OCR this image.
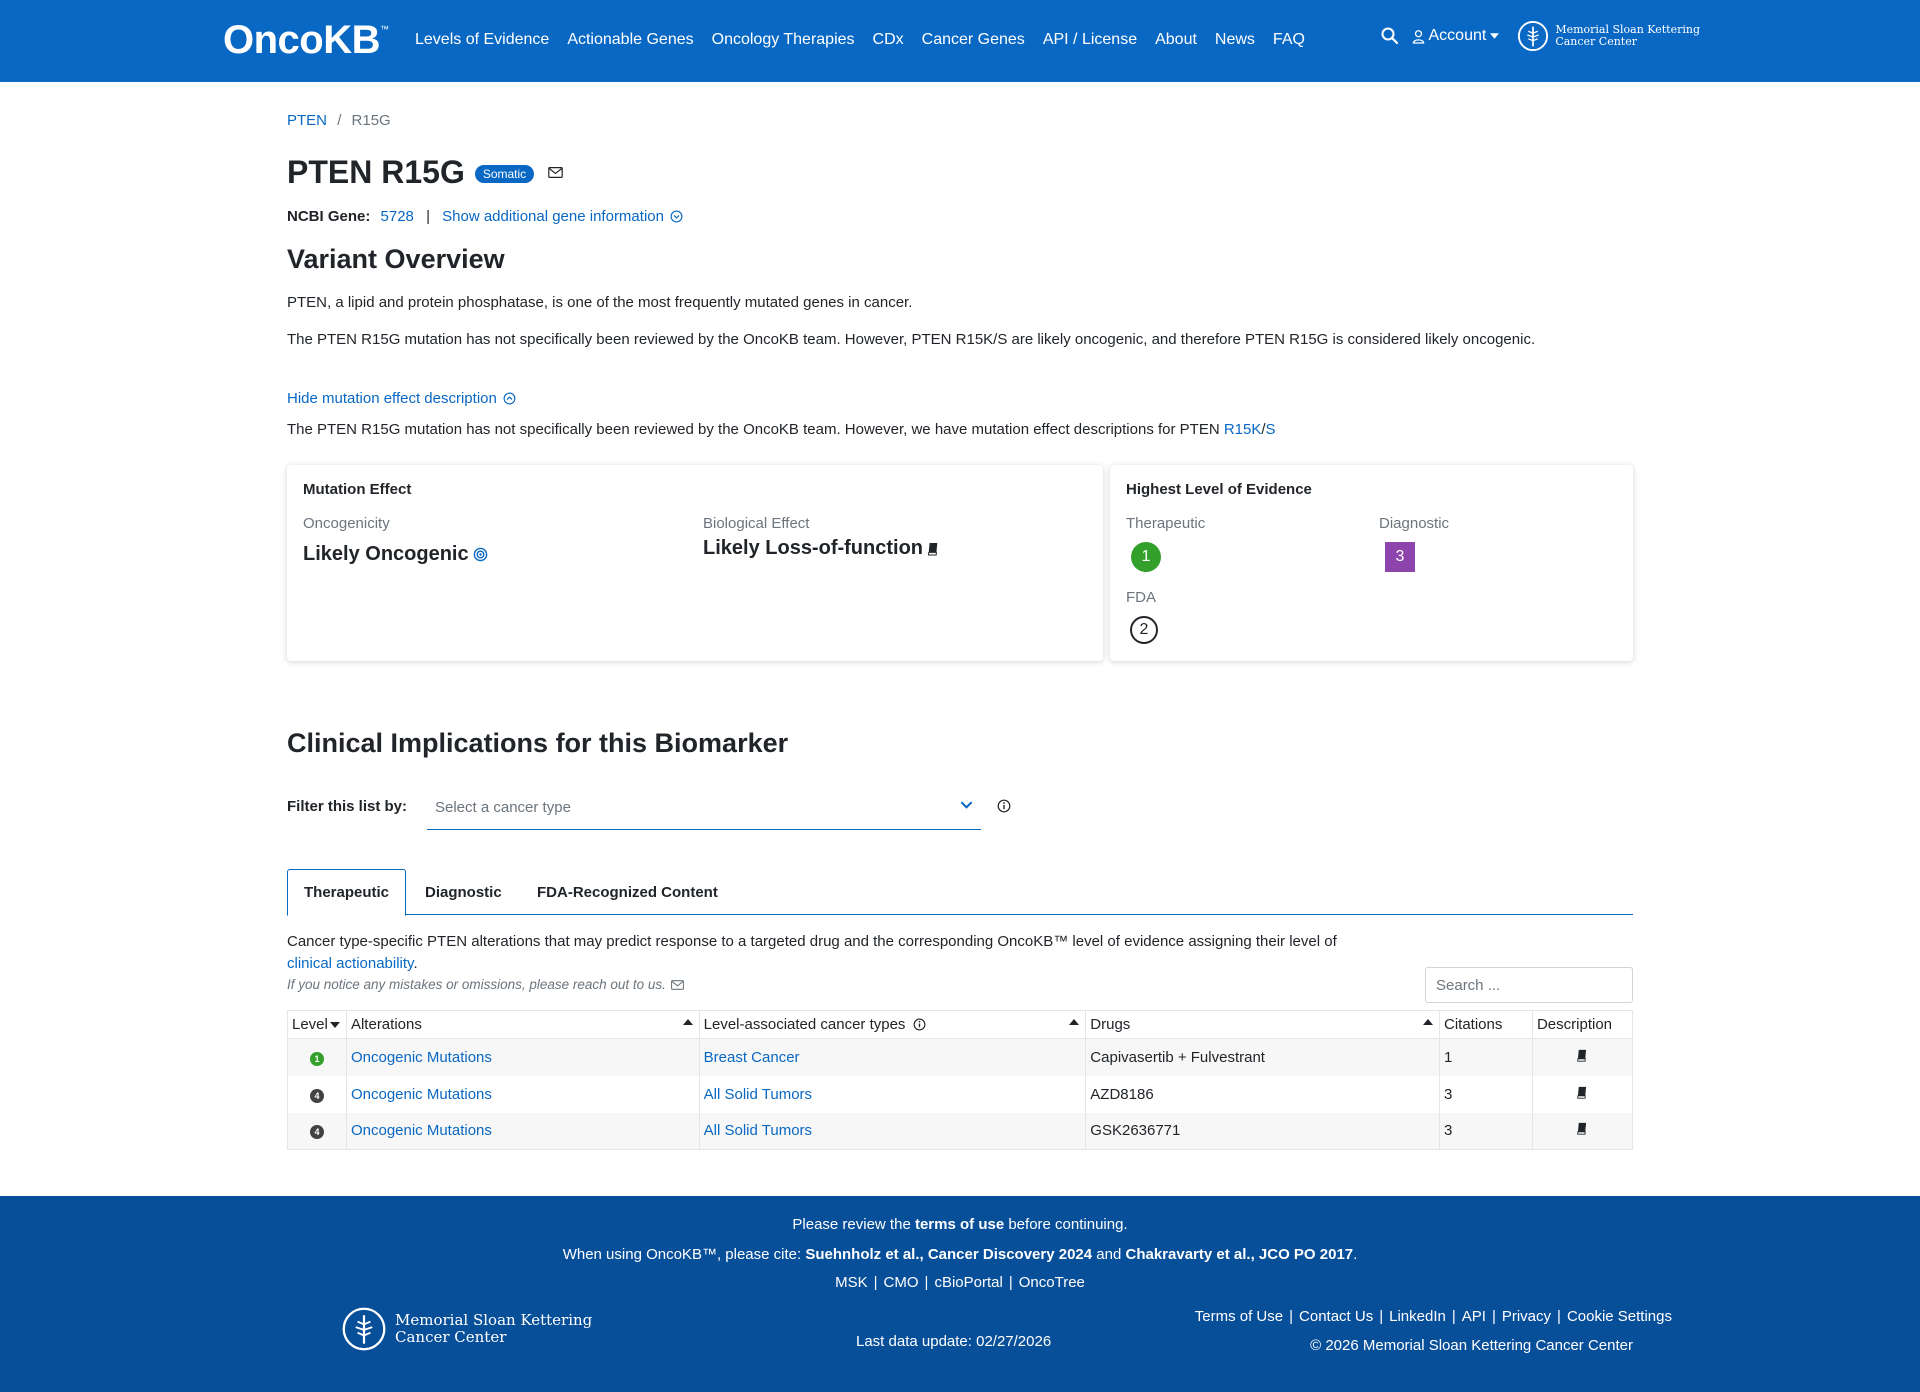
OncoKB™
Levels of Evidence Actionable Genes Oncology Therapies CDx Cancer Genes API / License About News FAQ	Account	Memorial Sloan Kettering
Cancer Center
PTEN / R15G
PTEN R15G	Somatic
NCBI Gene: 5728 | Show additional gene information
Variant Overview

PTEN, a lipid and protein phosphatase, is one of the most frequently mutated genes in cancer.

The PTEN R15G mutation has not specifically been reviewed by the OncoKB team. However, PTEN R15K/S are likely oncogenic, and therefore PTEN R15G is considered likely oncogenic.

Hide mutation effect description

The PTEN R15G mutation has not specifically been reviewed by the OncoKB team. However, we have mutation effect descriptions for PTEN R15K/S

Mutation Effect
Oncogenicity
Likely Oncogenic
Biological Effect
Likely Loss-of-function
Highest Level of Evidence
Therapeutic
1
Diagnostic
3
FDA
2
Clinical Implications for this Biomarker
Filter this list by: Select a cancer type
Therapeutic	Diagnostic	FDA-Recognized Content
Cancer type-specific PTEN alterations that may predict response to a targeted drug and the corresponding OncoKB™ level of evidence assigning their level of clinical actionability.
If you notice any mistakes or omissions, please reach out to us.	Search ...
Level	Alterations	Level-associated cancer types	Drugs	Citations	Description
1	Oncogenic Mutations	Breast Cancer	Capivasertib + Fulvestrant	1	
4	Oncogenic Mutations	All Solid Tumors	AZD8186	3	
4	Oncogenic Mutations	All Solid Tumors	GSK2636771	3	
Please review the terms of use before continuing.
When using OncoKB™, please cite: Suehnholz et al., Cancer Discovery 2024 and Chakravarty et al., JCO PO 2017.
MSK | CMO | cBioPortal | OncoTree
Memorial Sloan Kettering
Cancer Center	Last data update: 02/27/2026
Terms of Use | Contact Us | LinkedIn | API | Privacy | Cookie Settings
© 2026 Memorial Sloan Kettering Cancer Center
